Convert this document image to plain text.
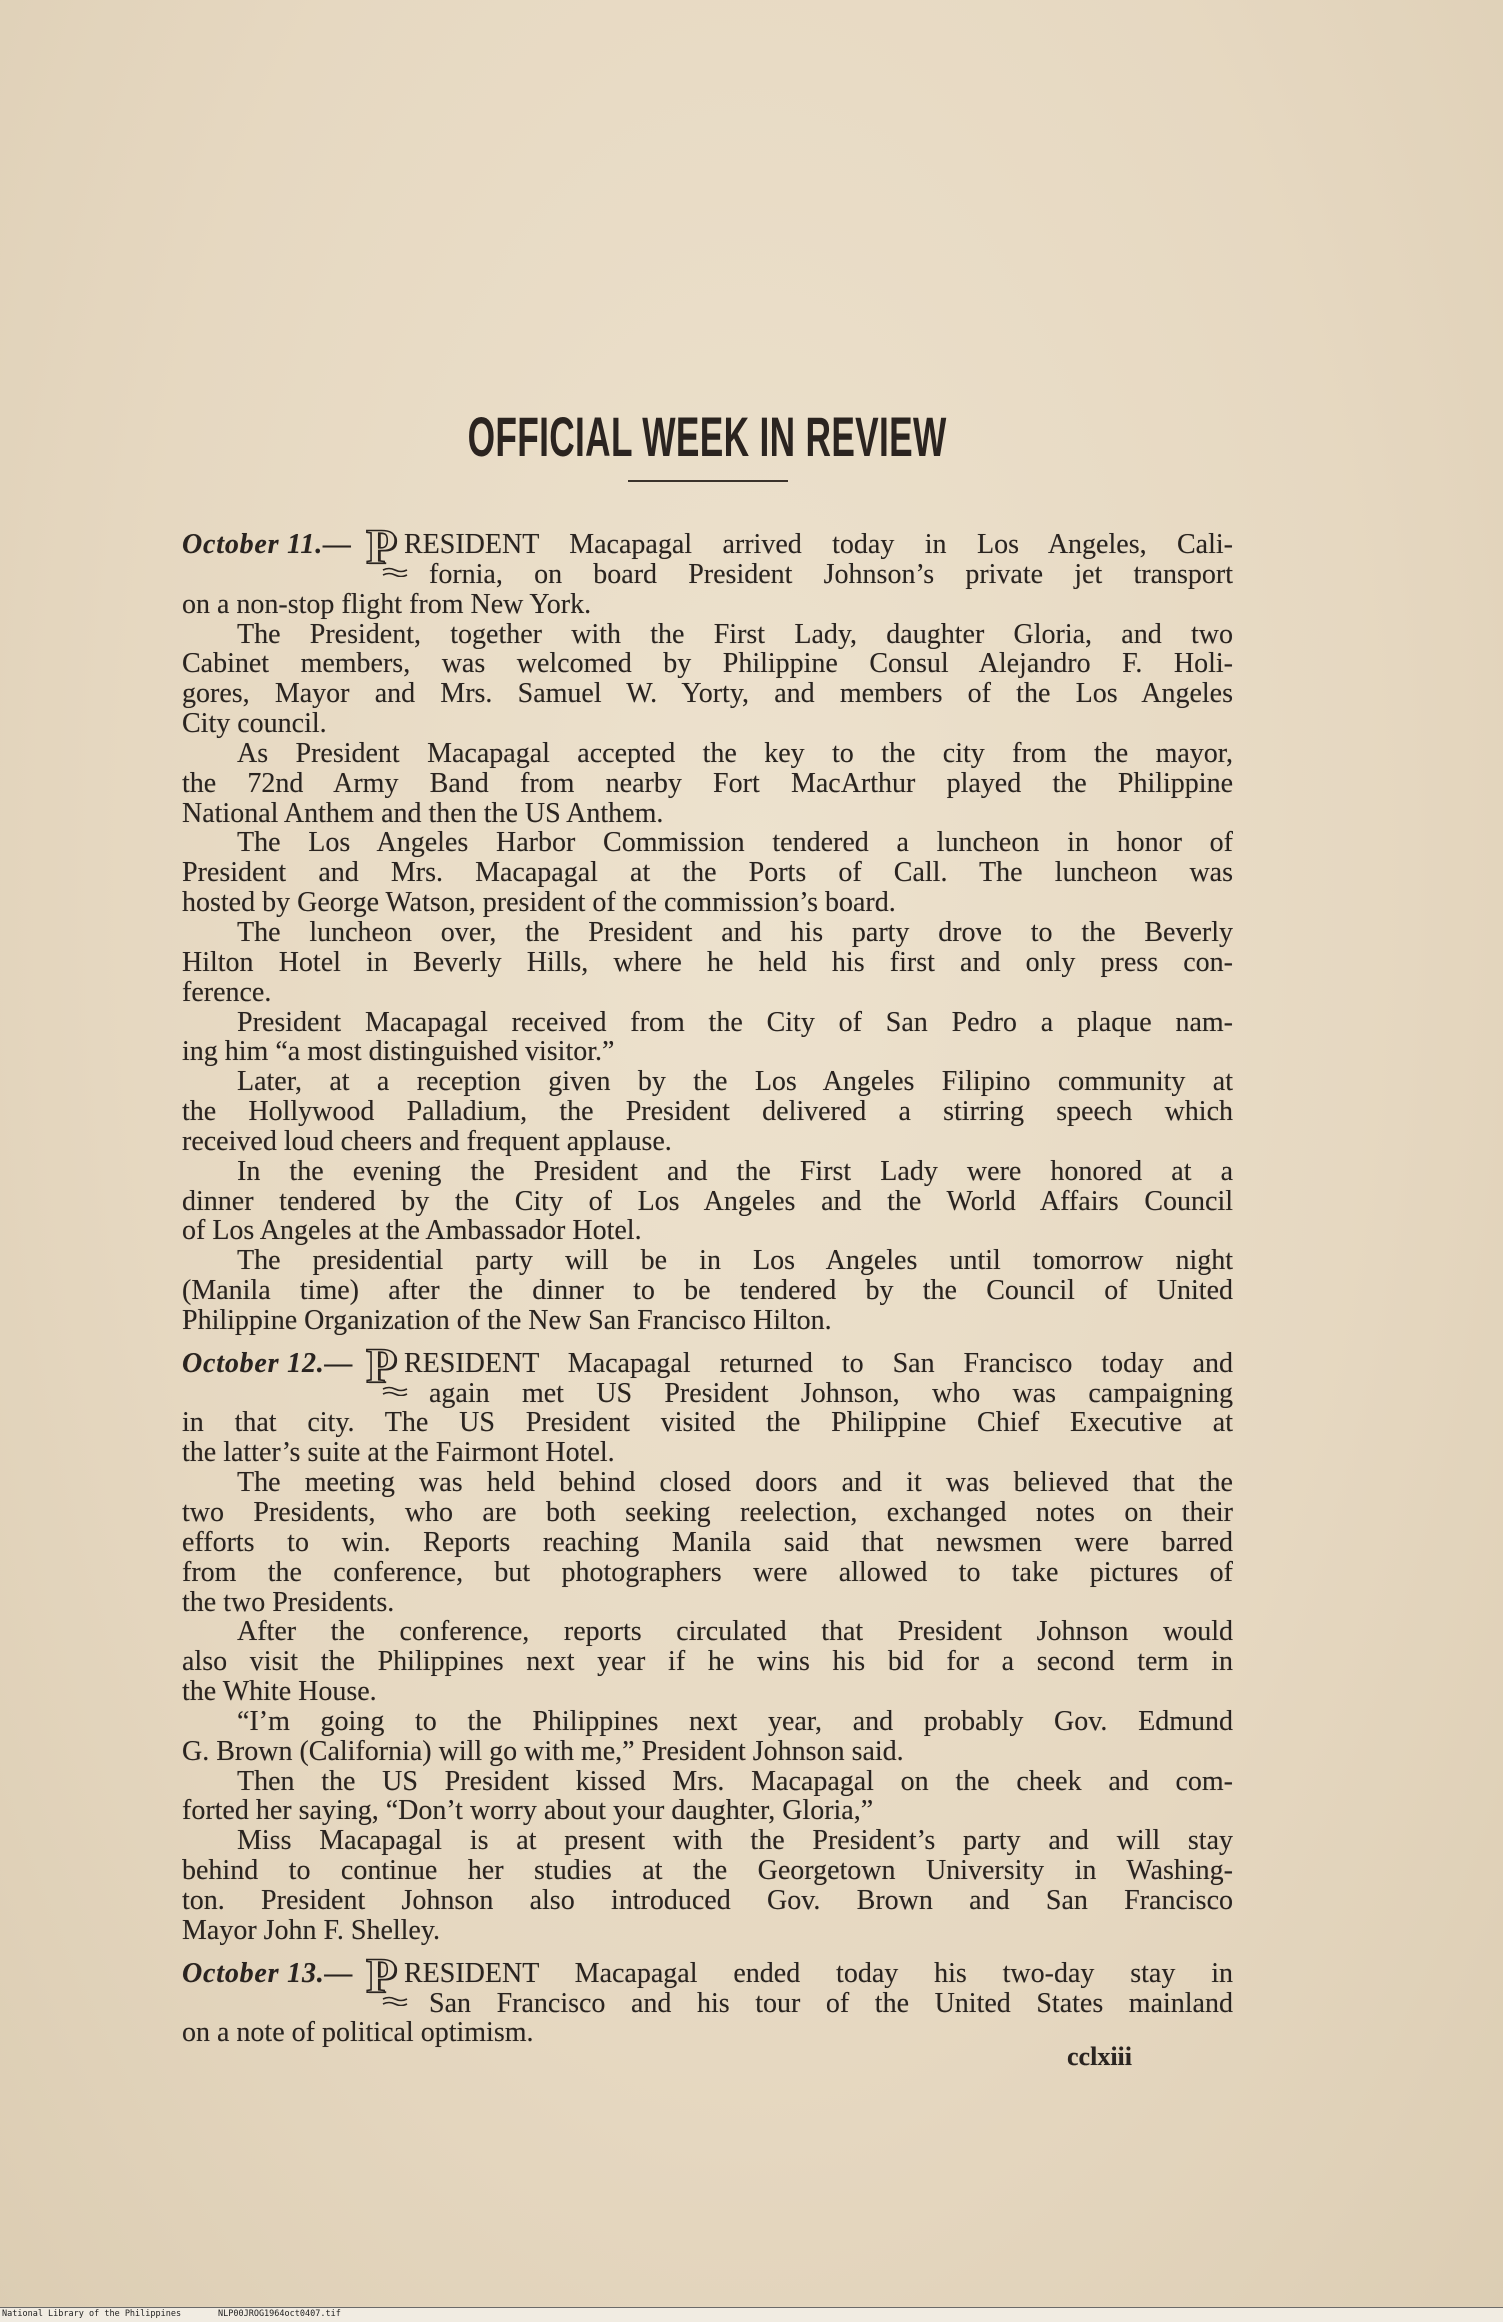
OFFICIAL WEEK IN REVIEW
October 11.— P RESIDENT Macapagal arrived today in Los Angeles, Cali-
fornia, on board President Johnson’s private jet transport
on a non-stop flight from New York.
The President, together with the First Lady, daughter Gloria, and two
Cabinet members, was welcomed by Philippine Consul Alejandro F. Holi-
gores, Mayor and Mrs. Samuel W. Yorty, and members of the Los Angeles
City council.
As President Macapagal accepted the key to the city from the mayor,
the 72nd Army Band from nearby Fort MacArthur played the Philippine
National Anthem and then the US Anthem.
The Los Angeles Harbor Commission tendered a luncheon in honor of
President and Mrs. Macapagal at the Ports of Call. The luncheon was
hosted by George Watson, president of the commission’s board.
The luncheon over, the President and his party drove to the Beverly
Hilton Hotel in Beverly Hills, where he held his first and only press con-
ference.
President Macapagal received from the City of San Pedro a plaque nam-
ing him “a most distinguished visitor.”
Later, at a reception given by the Los Angeles Filipino community at
the Hollywood Palladium, the President delivered a stirring speech which
received loud cheers and frequent applause.
In the evening the President and the First Lady were honored at a
dinner tendered by the City of Los Angeles and the World Affairs Council
of Los Angeles at the Ambassador Hotel.
The presidential party will be in Los Angeles until tomorrow night
(Manila time) after the dinner to be tendered by the Council of United
Philippine Organization of the New San Francisco Hilton.
October 12.— P RESIDENT Macapagal returned to San Francisco today and
again met US President Johnson, who was campaigning
in that city. The US President visited the Philippine Chief Executive at
the latter’s suite at the Fairmont Hotel.
The meeting was held behind closed doors and it was believed that the
two Presidents, who are both seeking reelection, exchanged notes on their
efforts to win. Reports reaching Manila said that newsmen were barred
from the conference, but photographers were allowed to take pictures of
the two Presidents.
After the conference, reports circulated that President Johnson would
also visit the Philippines next year if he wins his bid for a second term in
the White House.
“I’m going to the Philippines next year, and probably Gov. Edmund
G. Brown (California) will go with me,” President Johnson said.
Then the US President kissed Mrs. Macapagal on the cheek and com-
forted her saying, “Don’t worry about your daughter, Gloria,”
Miss Macapagal is at present with the President’s party and will stay
behind to continue her studies at the Georgetown University in Washing-
ton. President Johnson also introduced Gov. Brown and San Francisco
Mayor John F. Shelley.
October 13.— P RESIDENT Macapagal ended today his two-day stay in
San Francisco and his tour of the United States mainland
on a note of political optimism.
cclxiii
National Library of the Philippines	NLP00JROG1964oct0407.tif
